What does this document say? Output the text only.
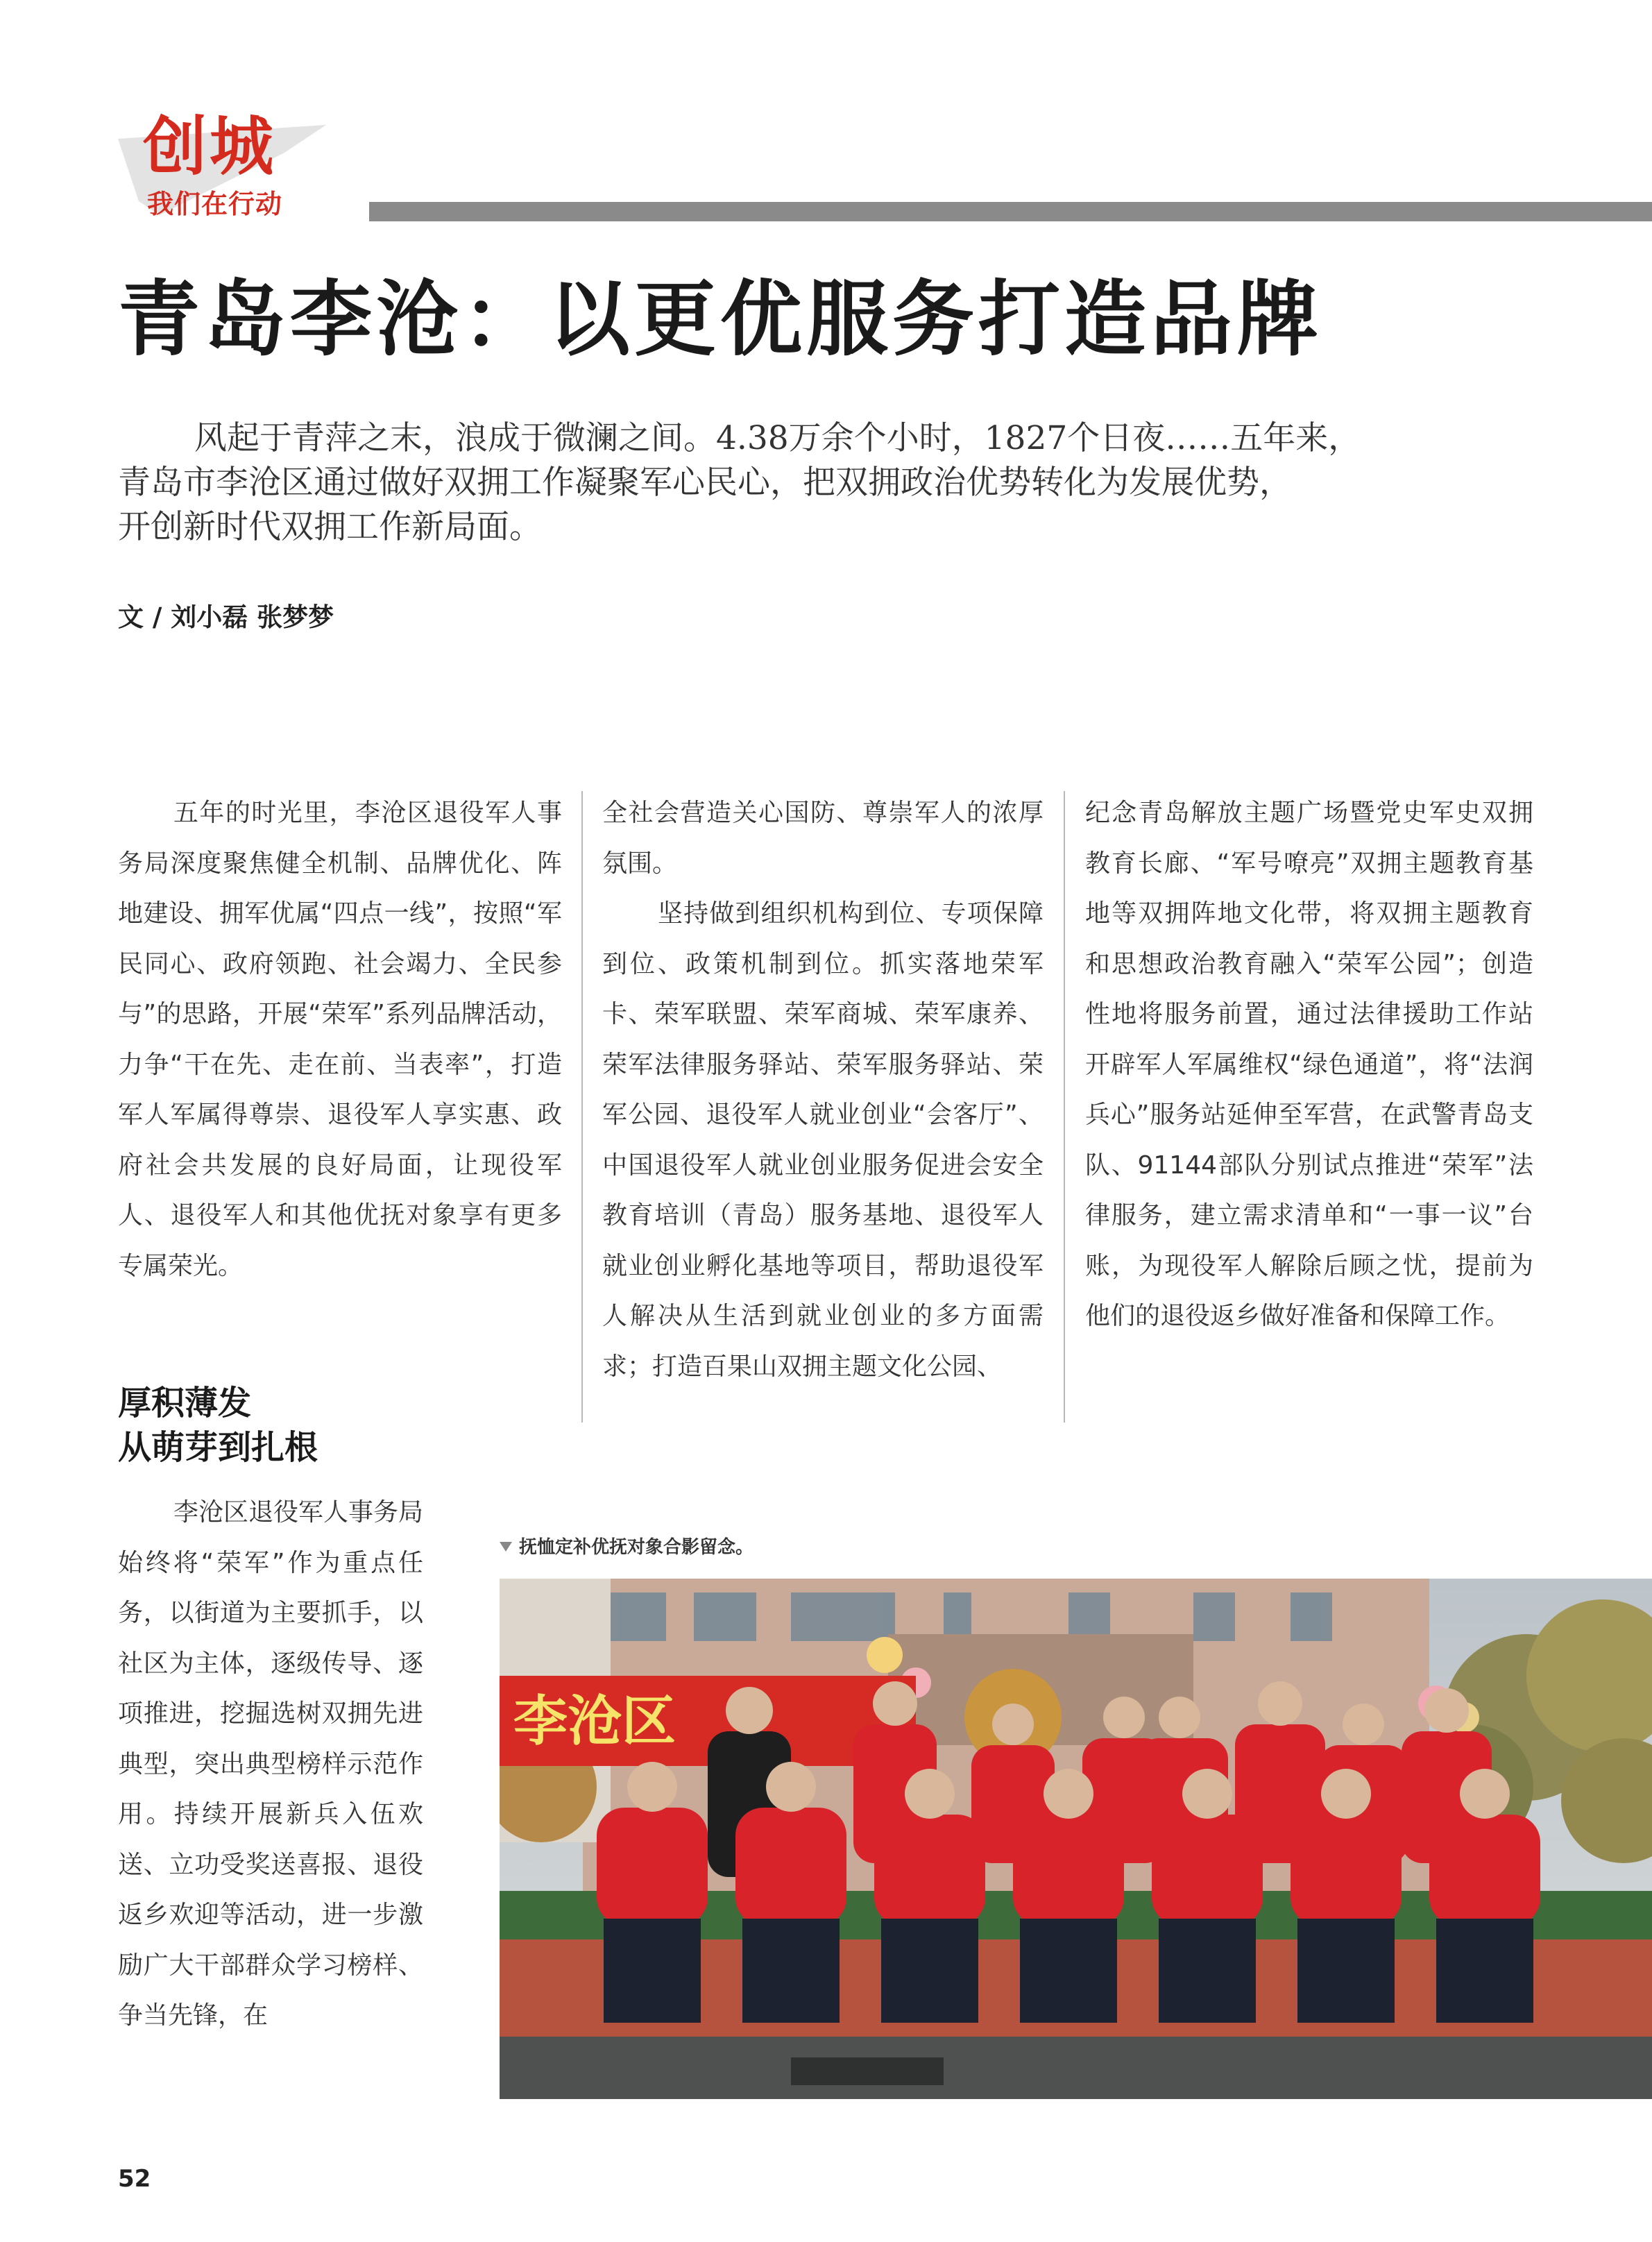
创城
我们在行动
青岛李沧：以更优服务打造品牌

风起于青萍之末，浪成于微澜之间。4.38万余个小时，1827个日夜……五年来，

青岛市李沧区通过做好双拥工作凝聚军心民心，把双拥政治优势转化为发展优势，

开创新时代双拥工作新局面。

文 / 刘小磊 张梦梦

五年的时光里，李沧区退役军人事务局深度聚焦健全机制、品牌优化、阵地建设、拥军优属“四点一线”，按照“军民同心、政府领跑、社会竭力、全民参与”的思路，开展“荣军”系列品牌活动，力争“干在先、走在前、当表率”，打造军人军属得尊崇、退役军人享实惠、政府社会共发展的良好局面，让现役军人、退役军人和其他优抚对象享有更多专属荣光。

全社会营造关心国防、尊崇军人的浓厚氛围。

坚持做到组织机构到位、专项保障到位、政策机制到位。抓实落地荣军卡、荣军联盟、荣军商城、荣军康养、荣军法律服务驿站、荣军服务驿站、荣军公园、退役军人就业创业“会客厅”、中国退役军人就业创业服务促进会安全教育培训（青岛）服务基地、退役军人就业创业孵化基地等项目，帮助退役军人解决从生活到就业创业的多方面需求；打造百果山双拥主题文化公园、

纪念青岛解放主题广场暨党史军史双拥教育长廊、“军号嘹亮”双拥主题教育基地等双拥阵地文化带，将双拥主题教育和思想政治教育融入“荣军公园”；创造性地将服务前置，通过法律援助工作站开辟军人军属维权“绿色通道”，将“法润兵心”服务站延伸至军营，在武警青岛支队、91144部队分别试点推进“荣军”法律服务，建立需求清单和“一事一议”台账，为现役军人解除后顾之忧，提前为他们的退役返乡做好准备和保障工作。

厚积薄发

从萌芽到扎根

李沧区退役军人事务局始终将“荣军”作为重点任务，以街道为主要抓手，以社区为主体，逐级传导、逐项推进，挖掘选树双拥先进典型，突出典型榜样示范作用。持续开展新兵入伍欢送、立功受奖送喜报、退役返乡欢迎等活动，进一步激励广大干部群众学习榜样、争当先锋，在

抚恤定补优抚对象合影留念。
李沧区
52
